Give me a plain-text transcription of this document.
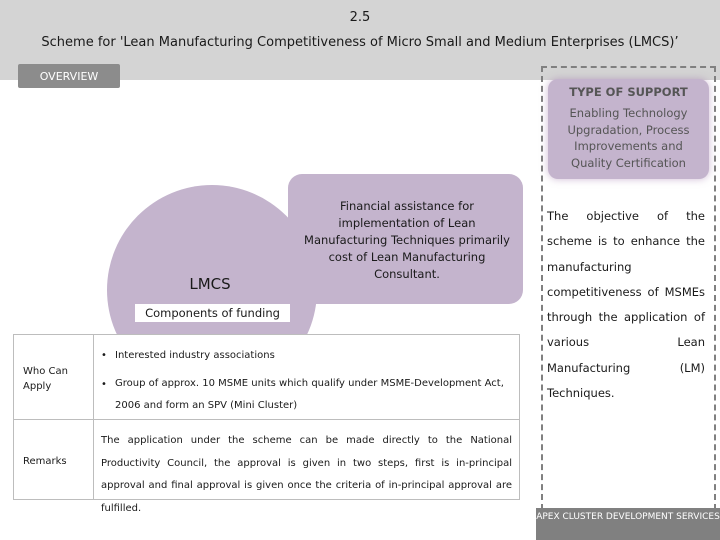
2.5
Scheme for 'Lean Manufacturing Competitiveness of Micro Small and Medium Enterprises (LMCS)’
OVERVIEW
TYPE OF SUPPORT
Enabling Technology Upgradation, Process Improvements and Quality Certification
The objective of the scheme is to enhance the manufacturing competitiveness of MSMEs through the application of various Lean Manufacturing (LM) Techniques.
Financial assistance for implementation of Lean Manufacturing Techniques primarily cost of Lean Manufacturing Consultant.
LMCS
Components of funding
Who Can Apply
• Interested industry associations
• Group of approx. 10 MSME units which qualify under MSME-Development Act, 2006 and form an SPV (Mini Cluster)
Remarks
The application under the scheme can be made directly to the National Productivity Council, the approval is given in two steps, first is in-principal approval and final approval is given once the criteria of in-principal approval are fulfilled.
APEX CLUSTER DEVELOPMENT SERVICES
